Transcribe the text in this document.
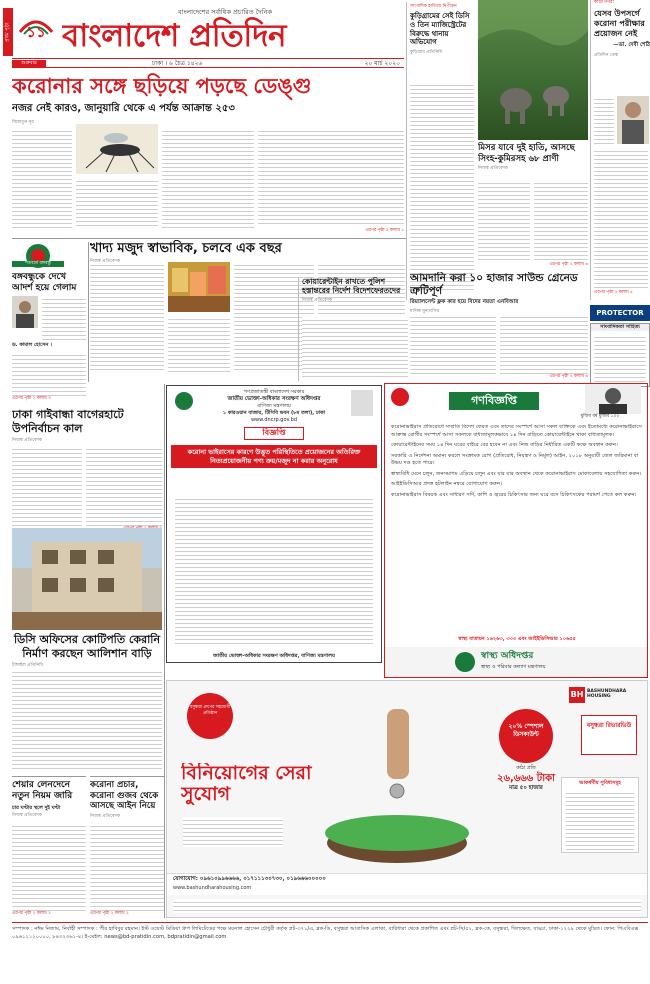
প্রথম পৃষ্ঠা	১১
বাংলাদেশের সর্বাধিক প্রচারিত দৈনিক
বাংলাদেশ প্রতিদিন
শুক্রবার	ঢাকা । ৬ চৈত্র ১৪২৬	২০ মার্চ ২০২০
সাংবাদিক হাতিয়ে নিপীড়ন
কুড়িগ্রামের সেই ডিসি ও তিন ম্যাজিস্ট্রেটের বিরুদ্ধে থানায় অভিযোগ
কুড়িগ্রাম প্রতিনিধি
কাঁড়া নগরী
যেসব উপসর্গে করোনা পরীক্ষার প্রয়োজন নেই
—ডা. দেবী শেঠি
প্রতিদিন ডেস্ক
এরপর পৃষ্ঠা ২ কলাম ৫
করোনার সঙ্গে ছড়িয়ে পড়ছে ডেঙ্গু
নজর নেই কারও, জানুয়ারি থেকে এ পর্যন্ত আক্রান্ত ২৫৩
জিন্নাতুন নূর
এরপর পৃষ্ঠা ২ কলাম ১
মিসর যাবে দুই হাতি, আসছে সিংহ-কুমিরসহ ৬৮ প্রাণী
নিজস্ব প্রতিবেদক
এরপর পৃষ্ঠা ২ কলাম ৬
PROTECTOR
সাংবাদিকতা সাহিত্য
শতবর্ষে বঙ্গবন্ধু
বঙ্গবন্ধুকে দেখে আদর্শ হয়ে গেলাম
খাদ্য মজুদ স্বাভাবিক, চলবে এক বছর
কোয়ারেন্টাইন রাখতে পুলিশ হস্তান্তরের নির্দেশ বিদেশফেরতদের
নিজস্ব প্রতিবেদক
আমদানি করা ১০ হাজার সাউন্ড গ্রেনেড ত্রুটিপূর্ণ
রিয়্যালসেন্ট ফ্লক কার হয়ে বিদের নয়তা এনবিআর
মানিক মুনতাসির
এরপর পৃষ্ঠা ২ কলাম ৪
ড. কামাল হোসেন ।
এরপর পৃষ্ঠা ২ কলাম ৩
ঢাকা গাইবান্ধা বাগেরহাটে উপনির্বাচন কাল
নিজস্ব প্রতিবেদক
ডিসি অফিসের কোটিপতি কেরানি নির্মাণ করছেন আলিশান বাড়ি
টাঙ্গাইল প্রতিনিধি
শেয়ার লেনদেনে নতুন নিয়ম জারি
চার ঘণ্টার স্থলে দুই ঘণ্টা
নিজস্ব প্রতিবেদক
এরপর পৃষ্ঠা ২ কলাম ২
করোনা প্রচার, করোনা গুজব থেকে আসছে আইন নিয়ে
নিজস্ব প্রতিবেদক
এরপর পৃষ্ঠা ২ কলাম ২
গণপ্রজাতন্ত্রী বাংলাদেশ সরকার
জাতীয় ভোক্তা-অধিকার সংরক্ষণ অধিদপ্তর
বাণিজ্য মন্ত্রণালয়
১ কারওয়ান বাজার, টিসিবি ভবন (৮ম তলা), ঢাকা
www.dncrp.gov.bd
বিজ্ঞপ্তি
করোনা ভাইরাসের কারণে উদ্ভূত পরিস্থিতিতে প্রয়োজনের অতিরিক্ত নিত্যপ্রয়োজনীয় পণ্য ক্রয়/মজুদ না করার অনুরোধ
জাতীয় ভোক্তা-অধিকার সংরক্ষণ অধিদপ্তর, বাণিজ্য মন্ত্রণালয়
গণবিজ্ঞপ্তি
মুজিব বর্ষ মুজিব ১০০
করোনাভাইরাস প্রতিরোধে সম্প্রতি বিদেশ ফেরত এবং তাদের সংস্পর্শে আসা সকল ব্যক্তিকে এবং ইতোমধ্যে করোনাভাইরাসে আক্রান্ত রোগীর সংস্পর্শে আসা সকলকে বাধ্যতামূলকভাবে ১৪ দিন বাড়িতে কোয়ারেন্টাইনে থাকা বাধ্যতামূলক।
কোয়ারেন্টাইনের সময় ১৪ দিন ঘরের বাইরে বের হবেন না এবং নিজ বাড়ির নির্ধারিত একটি কক্ষে অবস্থান করুন।
সরকারি এ নির্দেশনা অমান্য করলে সংক্রামক রোগ (প্রতিরোধ, নিয়ন্ত্রণ ও নির্মূল) আইন, ২০১৮ অনুযায়ী জেল জরিমানা বা উভয় দণ্ড হতে পারে।
স্বাস্থ্যবিধি মেনে চলুন, জনসমাগম এড়িয়ে চলুন এবং যার যার অবস্থান থেকে করোনাভাইরাস মোকাবেলায় সহযোগিতা করুন।
আইইডিসিআর প্রদত্ত হটলাইন নম্বরে যোগাযোগ করুন।
করোনাভাইরাস বিষয়ক এবং সাধারণ সর্দি, কাশি ও জ্বরের চিকিৎসার জন্য ঘরে বসে চিকিৎসকের পরামর্শ পেতে কল করুন।
স্বাস্থ্য বাতায়ন ১৬২৬৩, ৩৩৩ এবং আইইডিসিআর ১০৬৫৫
স্বাস্থ্য অধিদপ্তর
স্বাস্থ্য ও পরিবার কল্যাণ মন্ত্রণালয়
BH BASHUNDHARA HOUSING
বসুন্ধরা গ্রুপের সহযোগী প্রতিষ্ঠান
বিনিয়োগের সেরা সুযোগ
২০% স্পেশাল ডিসকাউন্ট
কাঠা প্রতি
২৬,৬৬৬ টাকা
মাত্র ৫০ হাজার
বসুন্ধরা রিভারভিউ
আকর্ষণীয় সুবিধাসমূহ
যোগাযোগ: ০৯৬১০৯৯৬৬৬৬, ০১৭১১১৩০৭৩০, ০১৯৬৬৬০০০০০
www.bashundharahousing.com
সম্পাদক : নঈম নিজাম, নির্বাহী সম্পাদক : পীর হাবিবুর রহমান। ইস্ট ওয়েস্ট মিডিয়া গ্রুপ লিমিটেডের পক্ষে ময়নাল হোসেন চৌধুরী কর্তৃক প্লট-৩৭১/এ, ব্লক-ডি, বসুন্ধরা আবাসিক এলাকা, বারিধারা থেকে প্রকাশিত এবং প্লট-সি/৫২, ব্লক-কে, বসুন্ধরা, খিলক্ষেত, বাড্ডা, ঢাকা-১২২৯ থেকে মুদ্রিত। ফোন: পিএবিএক্স ০৯৬১২১২০০০০, ৮৪৩২৩৬১-৪। ই-মেইল: news@bd-pratidin.com, bdpratidin@gmail.com
